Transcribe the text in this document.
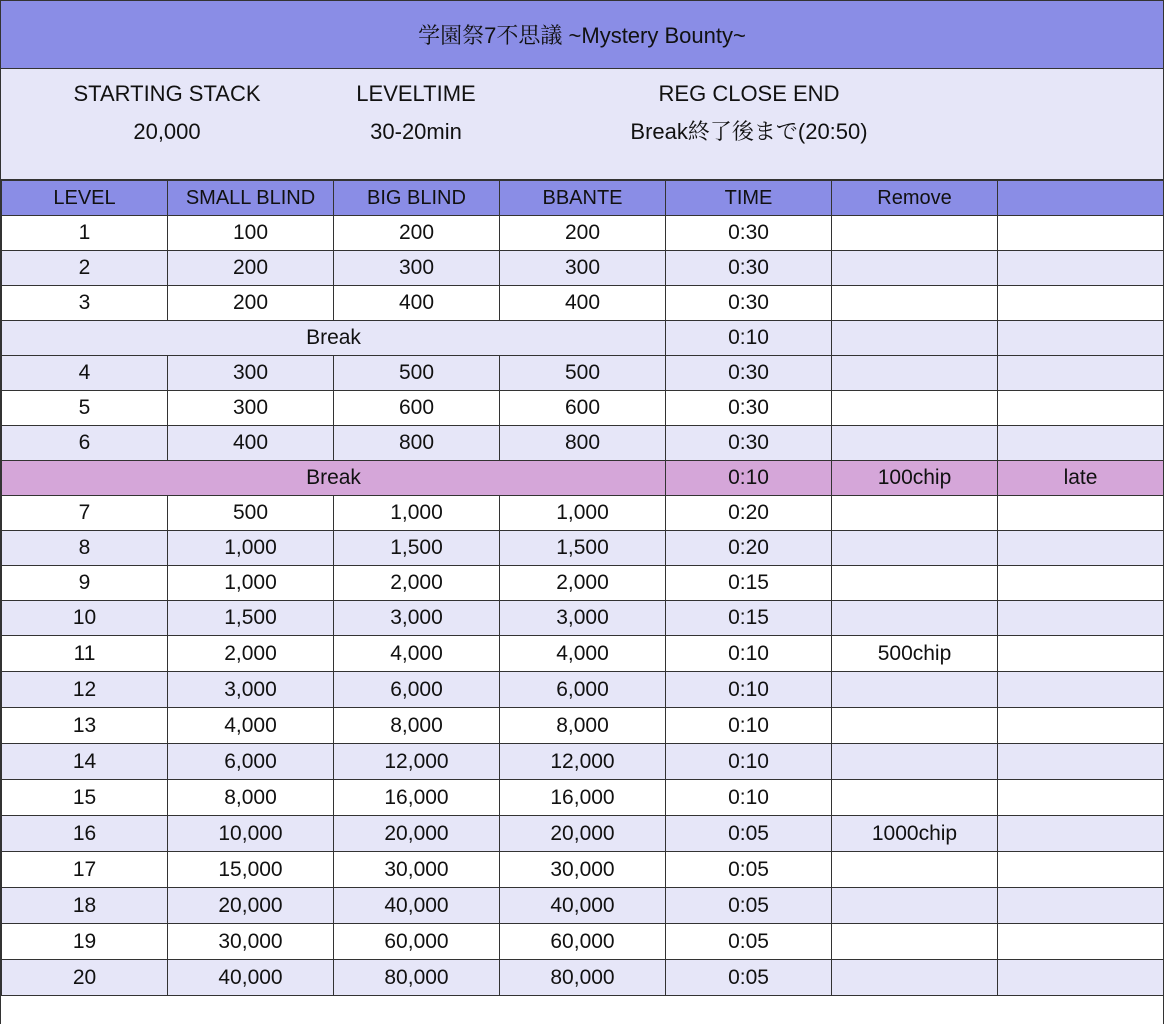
学園祭7不思議 ~Mystery Bounty~
STARTING STACK
20,000
LEVELTIME
30-20min
REG CLOSE END
Break終了後まで(20:50)
LEVEL	SMALL BLIND	BIG BLIND	BBANTE	TIME	Remove	
1	100	200	200	0:30		
2	200	300	300	0:30		
3	200	400	400	0:30		
Break				0:10		
4	300	500	500	0:30		
5	300	600	600	0:30		
6	400	800	800	0:30		
Break				0:10	100chip	late
7	500	1,000	1,000	0:20		
8	1,000	1,500	1,500	0:20		
9	1,000	2,000	2,000	0:15		
10	1,500	3,000	3,000	0:15		
11	2,000	4,000	4,000	0:10	500chip	
12	3,000	6,000	6,000	0:10		
13	4,000	8,000	8,000	0:10		
14	6,000	12,000	12,000	0:10		
15	8,000	16,000	16,000	0:10		
16	10,000	20,000	20,000	0:05	1000chip	
17	15,000	30,000	30,000	0:05		
18	20,000	40,000	40,000	0:05		
19	30,000	60,000	60,000	0:05		
20	40,000	80,000	80,000	0:05		
